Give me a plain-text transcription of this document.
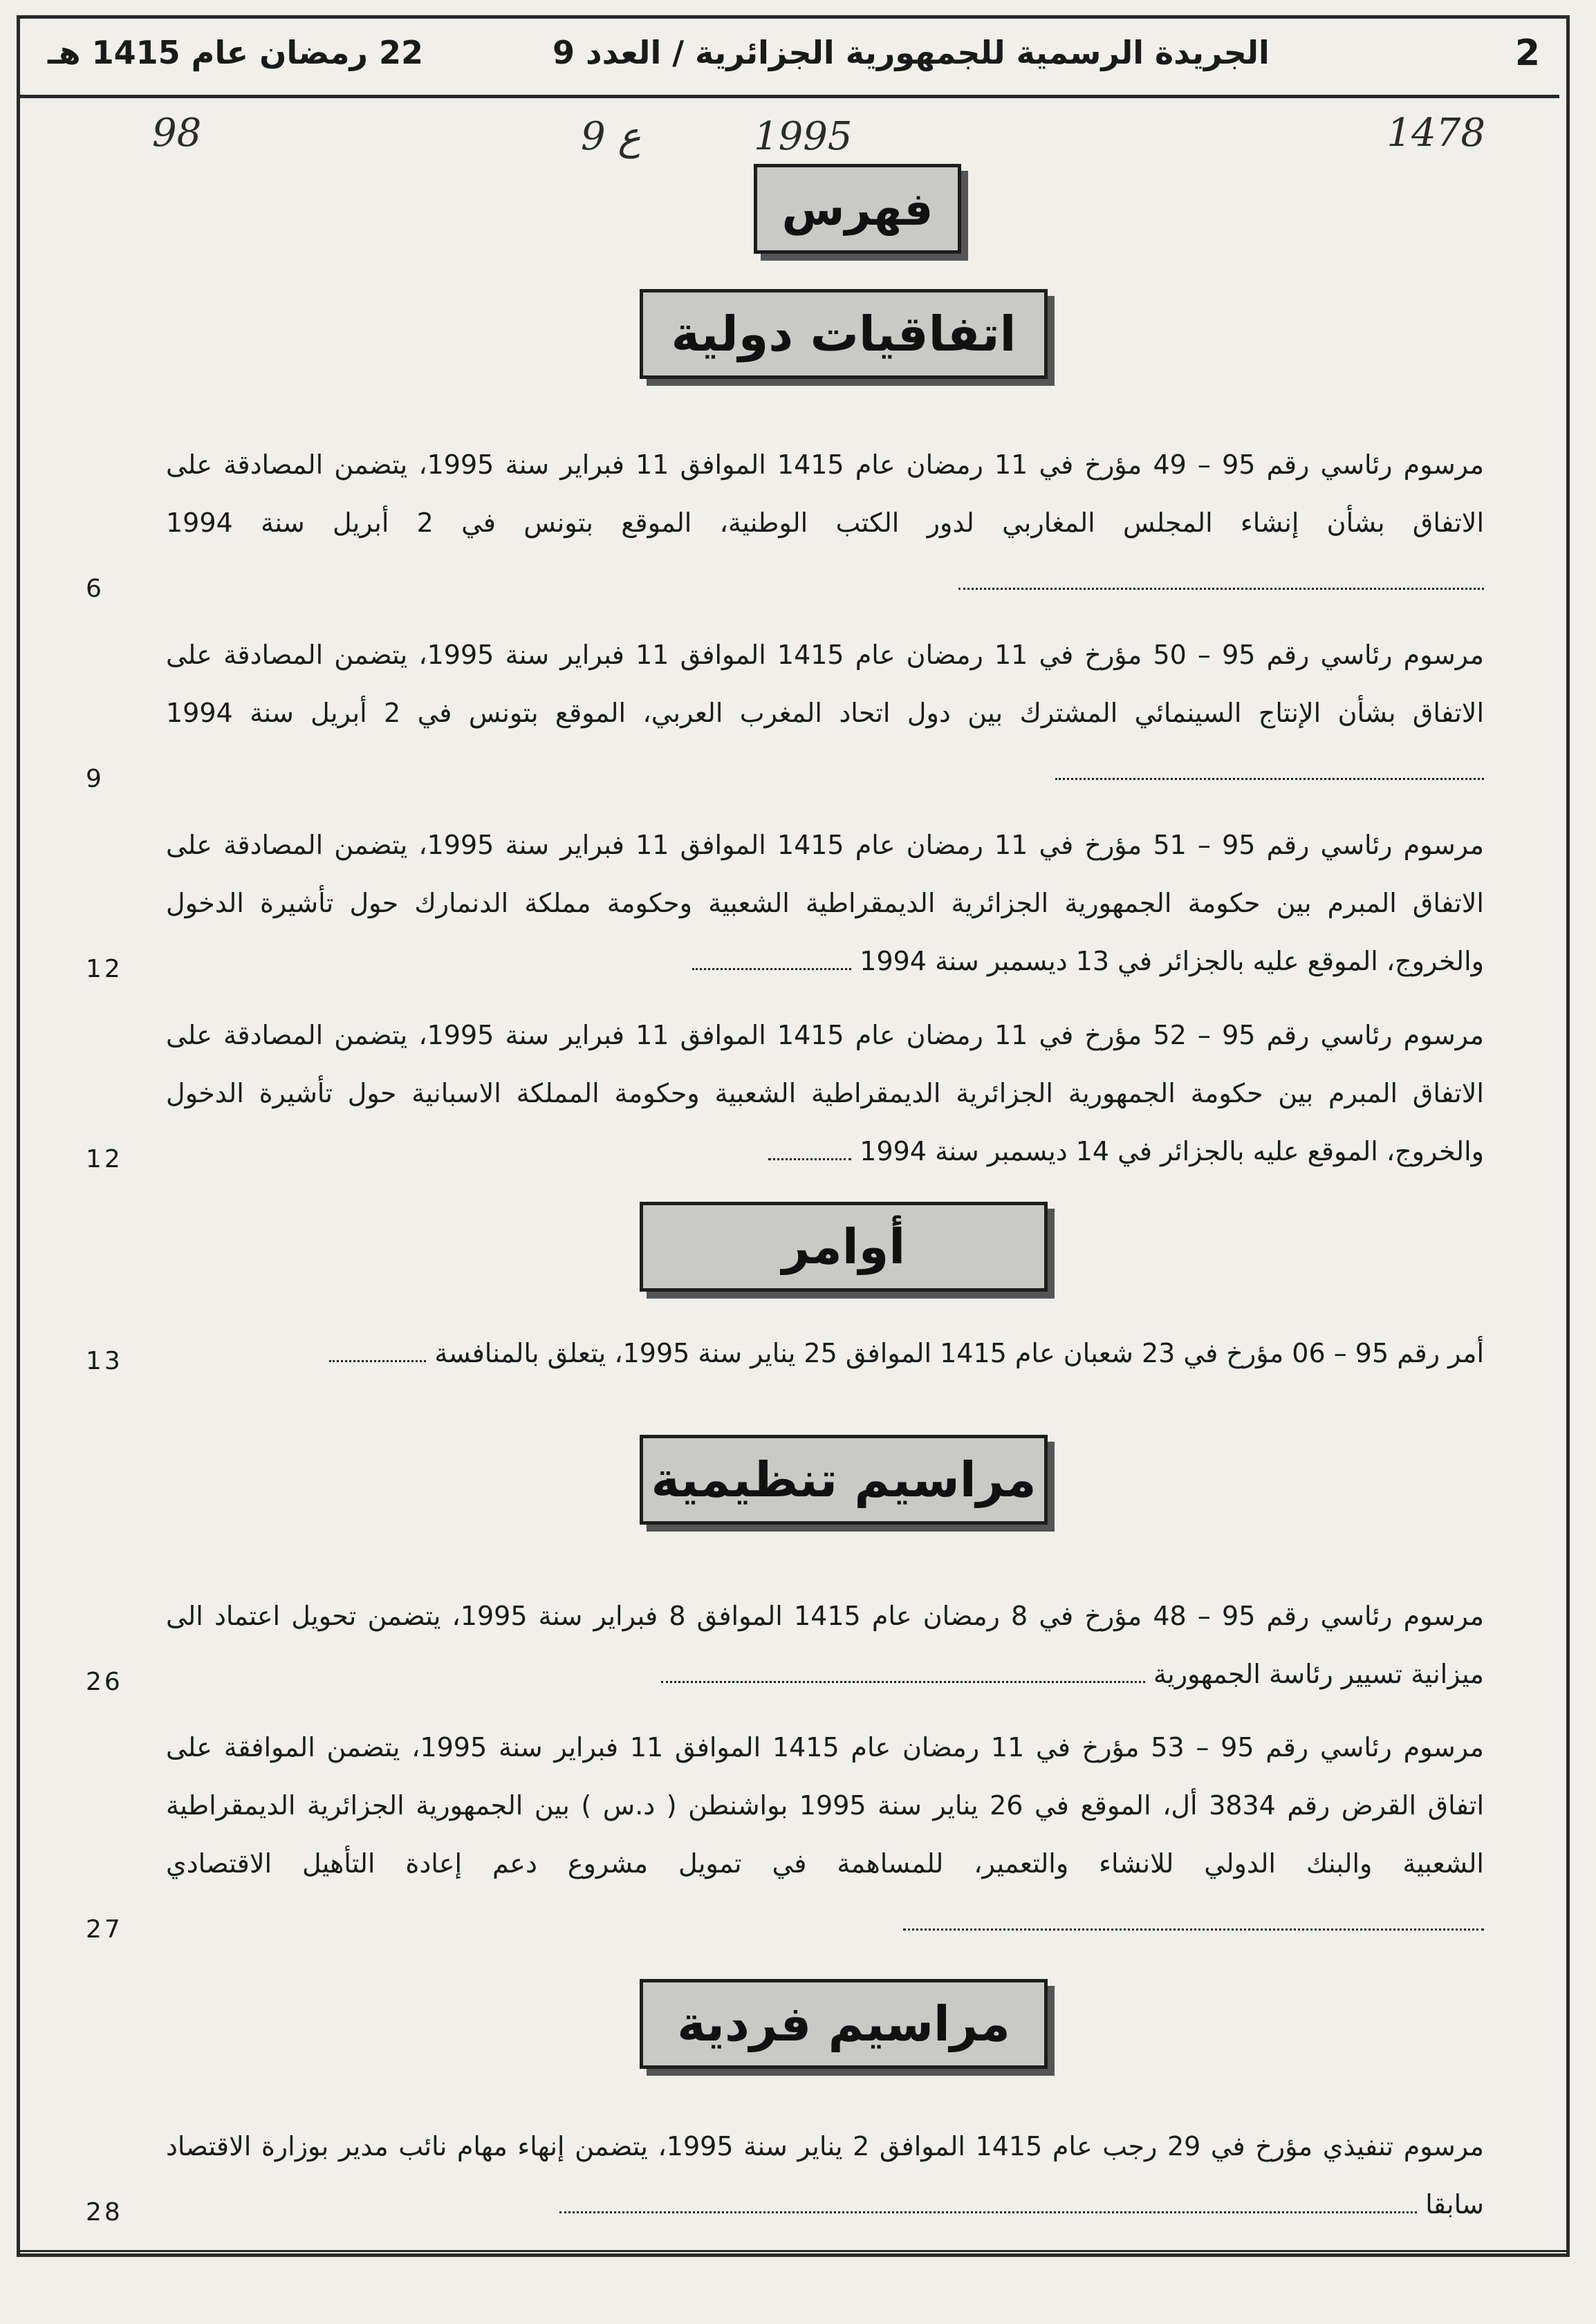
2
الجريدة الرسمية للجمهورية الجزائرية / العدد 9
22 رمضان عام 1415 هـ
1478
1995
9 ع
98
فهرس
اتفاقيات دولية

مرسوم رئاسي رقم 95 – 49 مؤرخ في 11 رمضان عام 1415 الموافق 11 فبراير سنة 1995، يتضمن المصادقة على الاتفاق بشأن إنشاء المجلس المغاربي لدور الكتب الوطنية، الموقع بتونس في 2 أبريل سنة 1994

6

مرسوم رئاسي رقم 95 – 50 مؤرخ في 11 رمضان عام 1415 الموافق 11 فبراير سنة 1995، يتضمن المصادقة على الاتفاق بشأن الإنتاج السينمائي المشترك بين دول اتحاد المغرب العربي، الموقع بتونس في 2 أبريل سنة 1994

9

مرسوم رئاسي رقم 95 – 51 مؤرخ في 11 رمضان عام 1415 الموافق 11 فبراير سنة 1995، يتضمن المصادقة على الاتفاق المبرم بين حكومة الجمهورية الجزائرية الديمقراطية الشعبية وحكومة مملكة الدنمارك حول تأشيرة الدخول والخروج، الموقع عليه بالجزائر في 13 ديسمبر سنة 1994

12

مرسوم رئاسي رقم 95 – 52 مؤرخ في 11 رمضان عام 1415 الموافق 11 فبراير سنة 1995، يتضمن المصادقة على الاتفاق المبرم بين حكومة الجمهورية الجزائرية الديمقراطية الشعبية وحكومة المملكة الاسبانية حول تأشيرة الدخول والخروج، الموقع عليه بالجزائر في 14 ديسمبر سنة 1994

12
أوامر

أمر رقم 95 – 06 مؤرخ في 23 شعبان عام 1415 الموافق 25 يناير سنة 1995، يتعلق بالمنافسة

13
مراسيم تنظيمية

مرسوم رئاسي رقم 95 – 48 مؤرخ في 8 رمضان عام 1415 الموافق 8 فبراير سنة 1995، يتضمن تحويل اعتماد الى ميزانية تسيير رئاسة الجمهورية

26

مرسوم رئاسي رقم 95 – 53 مؤرخ في 11 رمضان عام 1415 الموافق 11 فبراير سنة 1995، يتضمن الموافقة على اتفاق القرض رقم 3834 أل، الموقع في 26 يناير سنة 1995 بواشنطن ( د.س ) بين الجمهورية الجزائرية الديمقراطية الشعبية والبنك الدولي للانشاء والتعمير، للمساهمة في تمويل مشروع دعم إعادة التأهيل الاقتصادي

27
مراسيم فردية

مرسوم تنفيذي مؤرخ في 29 رجب عام 1415 الموافق 2 يناير سنة 1995، يتضمن إنهاء مهام نائب مدير بوزارة الاقتصاد سابقا

28
